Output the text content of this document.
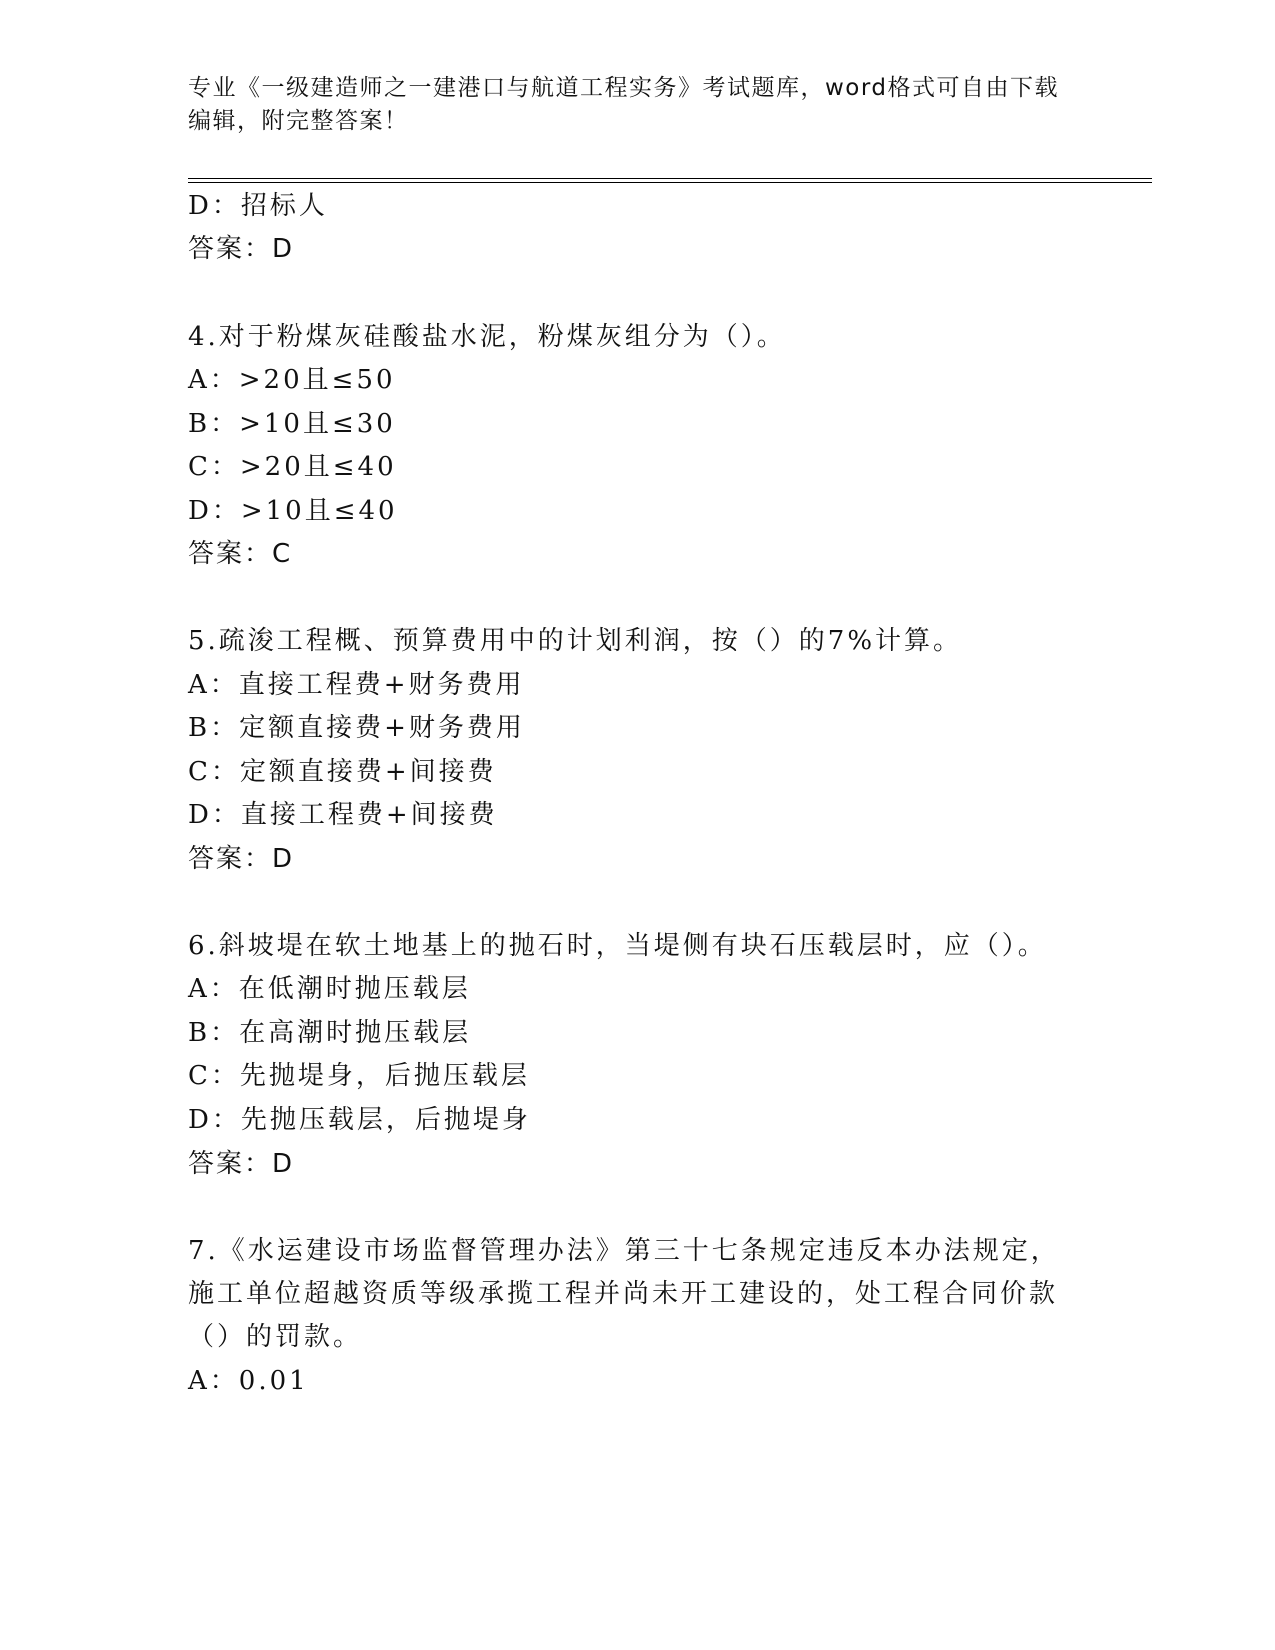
专业《一级建造师之一建港口与航道工程实务》考试题库，word格式可自由下载
编辑，附完整答案！
D：招标人
答案：D
4.对于粉煤灰硅酸盐水泥，粉煤灰组分为（）。
A：>20且≤50
B：>10且≤30
C：>20且≤40
D：>10且≤40
答案：C
5.疏浚工程概、预算费用中的计划利润，按（）的7%计算。
A：直接工程费+财务费用
B：定额直接费+财务费用
C：定额直接费+间接费
D：直接工程费+间接费
答案：D
6.斜坡堤在软土地基上的抛石时，当堤侧有块石压载层时，应（）。
A：在低潮时抛压载层
B：在高潮时抛压载层
C：先抛堤身，后抛压载层
D：先抛压载层，后抛堤身
答案：D
7.《水运建设市场监督管理办法》第三十七条规定违反本办法规定，
施工单位超越资质等级承揽工程并尚未开工建设的，处工程合同价款
（）的罚款。
A：0.01
